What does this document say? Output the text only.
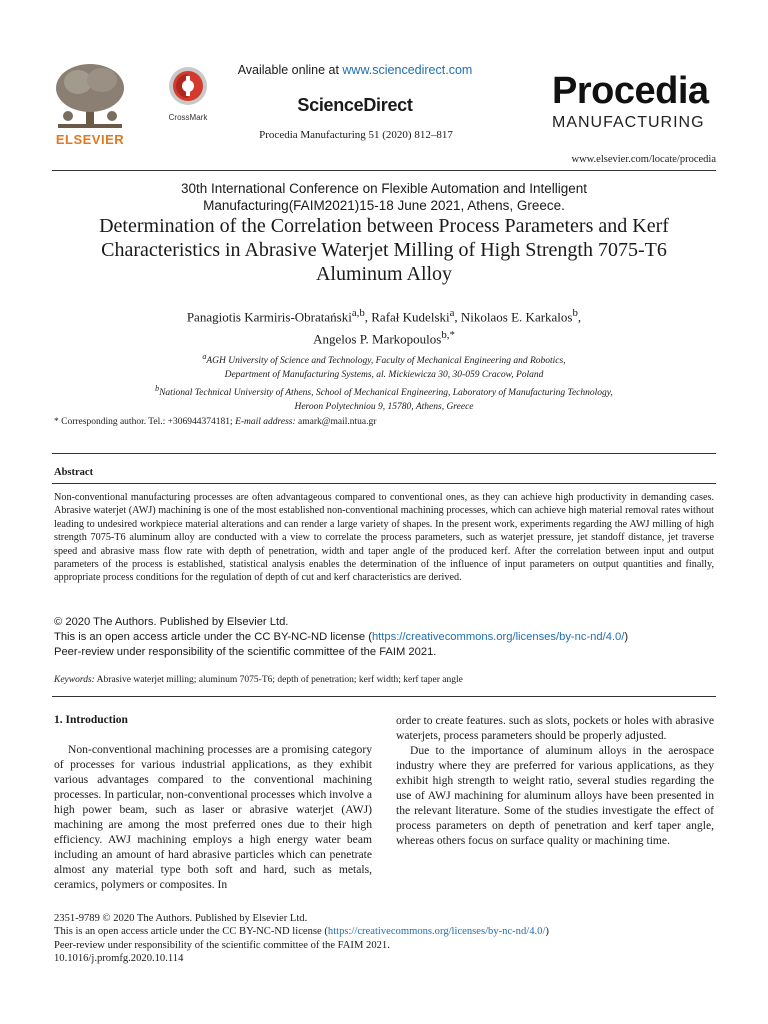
ELSEVIER
CrossMark
Available online at www.sciencedirect.com
ScienceDirect
Procedia Manufacturing 51 (2020) 812–817
Procedia
MANUFACTURING
www.elsevier.com/locate/procedia
30th International Conference on Flexible Automation and Intelligent
Manufacturing(FAIM2021)15-18 June 2021, Athens, Greece.
Determination of the Correlation between Process Parameters and Kerf
Characteristics in Abrasive Waterjet Milling of High Strength 7075-T6
Aluminum Alloy
Panagiotis Karmiris-Obratański$^{a,b}$, Rafał Kudelski$^a$, Nikolaos E. Karkalos$^b$,
Angelos P. Markopoulos$^{b,*}$
$^a$AGH University of Science and Technology, Faculty of Mechanical Engineering and Robotics,
Department of Manufacturing Systems, al. Mickiewicza 30, 30-059 Cracow, Poland
$^b$National Technical University of Athens, School of Mechanical Engineering, Laboratory of Manufacturing Technology,
Heroon Polytechniou 9, 15780, Athens, Greece
* Corresponding author. Tel.: +306944374181; E-mail address: amark@mail.ntua.gr
Abstract
Non-conventional manufacturing processes are often advantageous compared to conventional ones, as they can achieve high productivity in demanding cases. Abrasive waterjet (AWJ) machining is one of the most established non-conventional machining processes, which can achieve high material removal rates without leading to undesired workpiece material alterations and can render a large variety of shapes. In the present work, experiments regarding the AWJ milling of high strength 7075-T6 aluminum alloy are conducted with a view to correlate the process parameters, such as waterjet pressure, jet standoff distance, jet traverse speed and abrasive mass flow rate with depth of penetration, width and taper angle of the produced kerf. After the correlation between input and output parameters of the process is established, statistical analysis enables the determination of the influence of input parameters on output quantities and finally, appropriate process conditions for the regulation of depth of cut and kerf characteristics are derived.
© 2020 The Authors. Published by Elsevier Ltd.
This is an open access article under the CC BY-NC-ND license (https://creativecommons.org/licenses/by-nc-nd/4.0/)
Peer-review under responsibility of the scientific committee of the FAIM 2021.
Keywords: Abrasive waterjet milling; aluminum 7075-T6; depth of penetration; kerf width; kerf taper angle

1. Introduction

Non-conventional machining processes are a promising category of processes for various industrial applications, as they exhibit various advantages compared to the conventional machining processes. In particular, non-conventional processes which involve a high power beam, such as laser or abrasive waterjet (AWJ) machining are among the most preferred ones due to their high efficiency. AWJ machining employs a high energy water beam including an amount of hard abrasive particles which can penetrate almost any material type both soft and hard, such as metals, ceramics, polymers or composites. In

order to create features. such as slots, pockets or holes with abrasive waterjets, process parameters should be properly adjusted.

Due to the importance of aluminum alloys in the aerospace industry where they are preferred for various applications, as they exhibit high strength to weight ratio, several studies regarding the use of AWJ machining for aluminum alloys have been presented in the relevant literature. Some of the studies investigate the effect of process parameters on depth of penetration and kerf taper angle, whereas others focus on surface quality or machining time.

2351-9789 © 2020 The Authors. Published by Elsevier Ltd.
This is an open access article under the CC BY-NC-ND license (https://creativecommons.org/licenses/by-nc-nd/4.0/)
Peer-review under responsibility of the scientific committee of the FAIM 2021.
10.1016/j.promfg.2020.10.114
